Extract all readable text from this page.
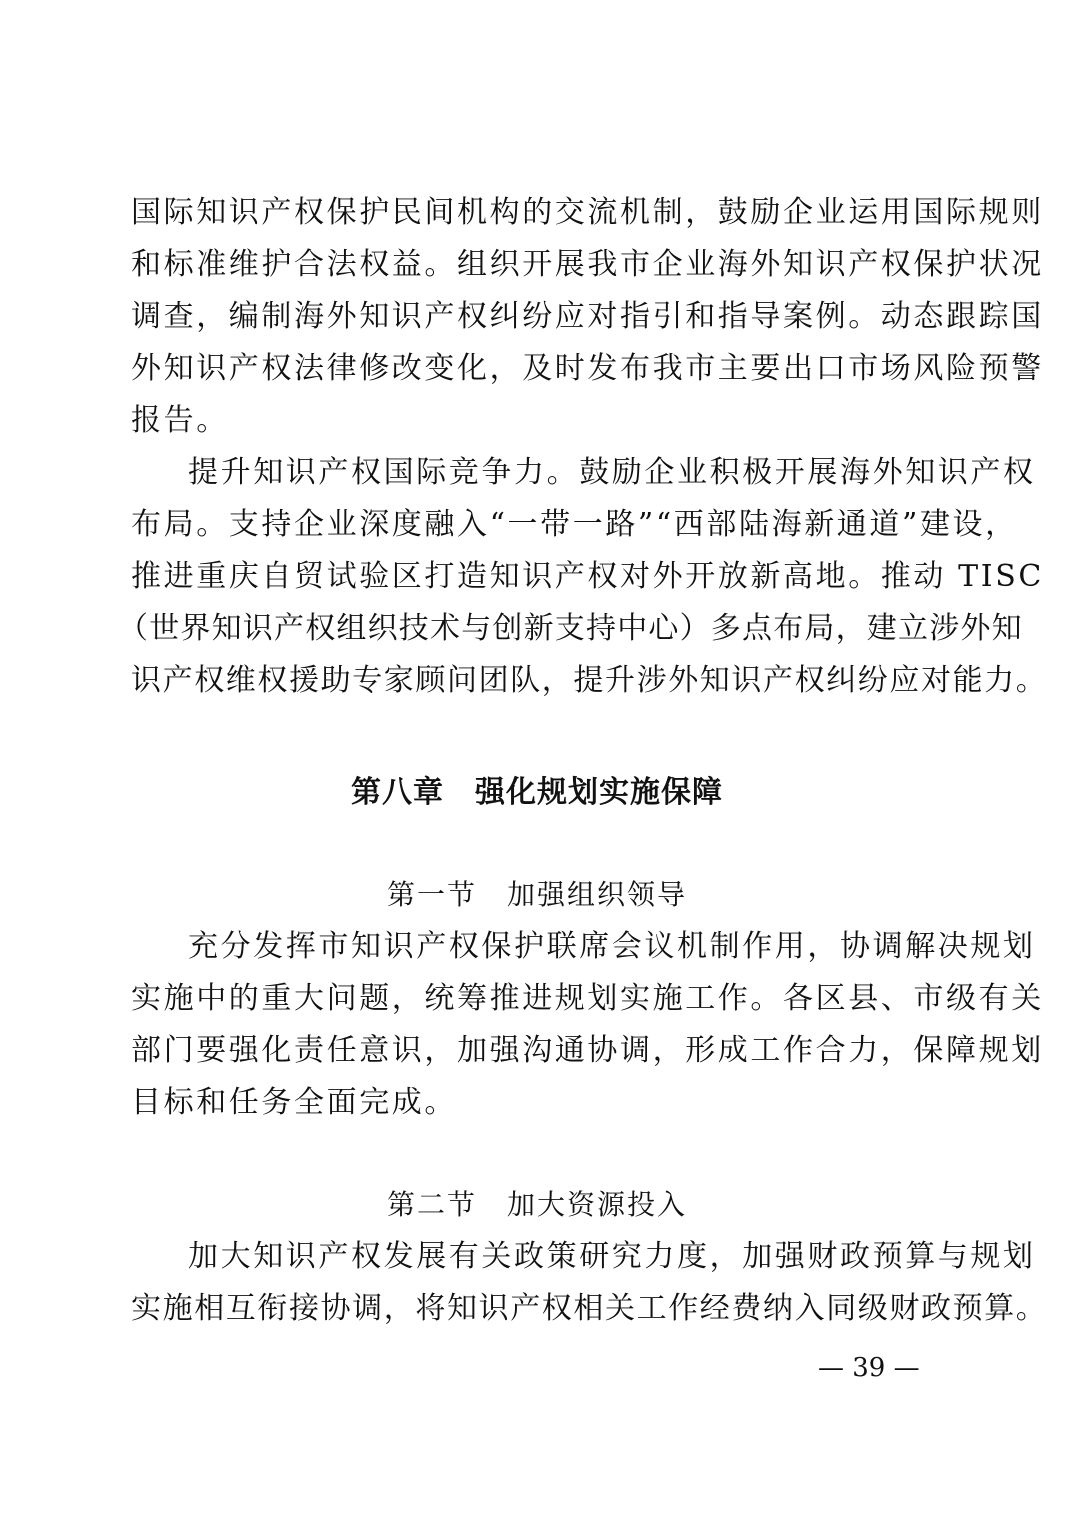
国际知识产权保护民间机构的交流机制，鼓励企业运用国际规则
和标准维护合法权益。组织开展我市企业海外知识产权保护状况
调查，编制海外知识产权纠纷应对指引和指导案例。动态跟踪国
外知识产权法律修改变化，及时发布我市主要出口市场风险预警
报告。
提升知识产权国际竞争力。鼓励企业积极开展海外知识产权
布局。支持企业深度融入“一带一路”“西部陆海新通道”建设，
推进重庆自贸试验区打造知识产权对外开放新高地。推动 TISC
（世界知识产权组织技术与创新支持中心）多点布局，建立涉外知
识产权维权援助专家顾问团队，提升涉外知识产权纠纷应对能力。
第八章　强化规划实施保障
第一节　加强组织领导
充分发挥市知识产权保护联席会议机制作用，协调解决规划
实施中的重大问题，统筹推进规划实施工作。各区县、市级有关
部门要强化责任意识，加强沟通协调，形成工作合力，保障规划
目标和任务全面完成。
第二节　加大资源投入
加大知识产权发展有关政策研究力度，加强财政预算与规划
实施相互衔接协调，将知识产权相关工作经费纳入同级财政预算。
— 39 —
